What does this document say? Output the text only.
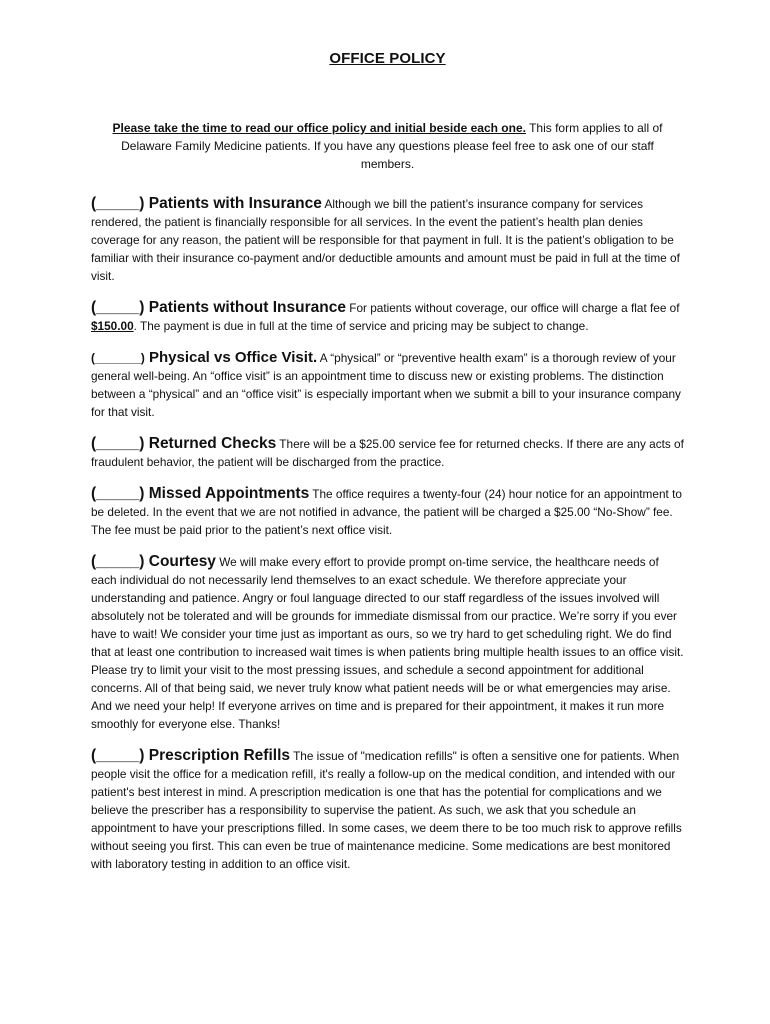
OFFICE POLICY

Please take the time to read our office policy and initial beside each one. This form applies to all of Delaware Family Medicine patients. If you have any questions please feel free to ask one of our staff members.

(_____) Patients with Insurance Although we bill the patient’s insurance company for services rendered, the patient is financially responsible for all services. In the event the patient’s health plan denies coverage for any reason, the patient will be responsible for that payment in full. It is the patient’s obligation to be familiar with their insurance co-payment and/or deductible amounts and amount must be paid in full at the time of visit.

(_____) Patients without Insurance For patients without coverage, our office will charge a flat fee of $150.00. The payment is due in full at the time of service and pricing may be subject to change.

(_______) Physical vs Office Visit. A “physical” or “preventive health exam” is a thorough review of your general well-being. An “office visit” is an appointment time to discuss new or existing problems. The distinction between a “physical” and an “office visit” is especially important when we submit a bill to your insurance company for that visit.

(_____) Returned Checks There will be a $25.00 service fee for returned checks. If there are any acts of fraudulent behavior, the patient will be discharged from the practice.

(_____) Missed Appointments The office requires a twenty-four (24) hour notice for an appointment to be deleted. In the event that we are not notified in advance, the patient will be charged a $25.00 “No-Show” fee. The fee must be paid prior to the patient’s next office visit.

(_____) Courtesy We will make every effort to provide prompt on-time service, the healthcare needs of each individual do not necessarily lend themselves to an exact schedule. We therefore appreciate your understanding and patience. Angry or foul language directed to our staff regardless of the issues involved will absolutely not be tolerated and will be grounds for immediate dismissal from our practice. We’re sorry if you ever have to wait! We consider your time just as important as ours, so we try hard to get scheduling right. We do find that at least one contribution to increased wait times is when patients bring multiple health issues to an office visit. Please try to limit your visit to the most pressing issues, and schedule a second appointment for additional concerns. All of that being said, we never truly know what patient needs will be or what emergencies may arise. And we need your help! If everyone arrives on time and is prepared for their appointment, it makes it run more smoothly for everyone else. Thanks!

(_____) Prescription Refills The issue of "medication refills" is often a sensitive one for patients. When people visit the office for a medication refill, it's really a follow-up on the medical condition, and intended with our patient's best interest in mind. A prescription medication is one that has the potential for complications and we believe the prescriber has a responsibility to supervise the patient. As such, we ask that you schedule an appointment to have your prescriptions filled. In some cases, we deem there to be too much risk to approve refills without seeing you first. This can even be true of maintenance medicine. Some medications are best monitored with laboratory testing in addition to an office visit.
